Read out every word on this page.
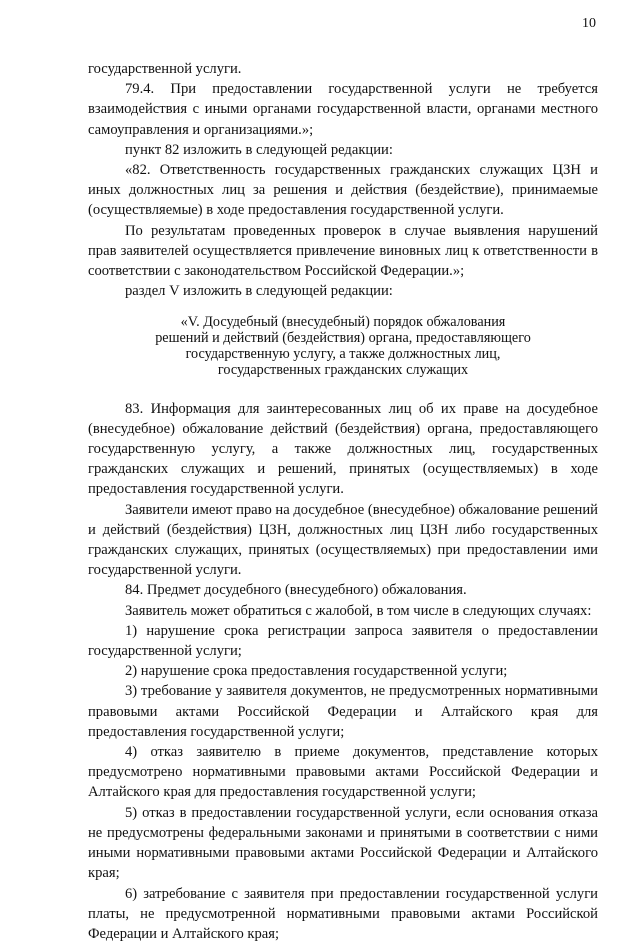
10

государственной услуги.

79.4. При предоставлении государственной услуги не требуется взаимодействия с иными органами государственной власти, органами местного самоуправления и организациями.»;

пункт 82 изложить в следующей редакции:

«82. Ответственность государственных гражданских служащих ЦЗН и иных должностных лиц за решения и действия (бездействие), принимаемые (осуществляемые) в ходе предоставления государственной услуги.

По результатам проведенных проверок в случае выявления нарушений прав заявителей осуществляется привлечение виновных лиц к ответственности в соответствии с законодательством Российской Федерации.»;

раздел V изложить в следующей редакции:

«V. Досудебный (внесудебный) порядок обжалования
решений и действий (бездействия) органа, предоставляющего
государственную услугу, а также должностных лиц,
государственных гражданских служащих

83. Информация для заинтересованных лиц об их праве на досудебное (внесудебное) обжалование действий (бездействия) органа, предоставляющего государственную услугу, а также должностных лиц, государственных гражданских служащих и решений, принятых (осуществляемых) в ходе предоставления государственной услуги.

Заявители имеют право на досудебное (внесудебное) обжалование решений и действий (бездействия) ЦЗН, должностных лиц ЦЗН либо государственных гражданских служащих, принятых (осуществляемых) при предоставлении ими государственной услуги.

84. Предмет досудебного (внесудебного) обжалования.

Заявитель может обратиться с жалобой, в том числе в следующих случаях:

1) нарушение срока регистрации запроса заявителя о предоставлении государственной услуги;

2) нарушение срока предоставления государственной услуги;

3) требование у заявителя документов, не предусмотренных нормативными правовыми актами Российской Федерации и Алтайского края для предоставления государственной услуги;

4) отказ заявителю в приеме документов, представление которых предусмотрено нормативными правовыми актами Российской Федерации и Алтайского края для предоставления государственной услуги;

5) отказ в предоставлении государственной услуги, если основания отказа не предусмотрены федеральными законами и принятыми в соответствии с ними иными нормативными правовыми актами Российской Федерации и Алтайского края;

6) затребование с заявителя при предоставлении государственной услуги платы, не предусмотренной нормативными правовыми актами Российской Федерации и Алтайского края;
